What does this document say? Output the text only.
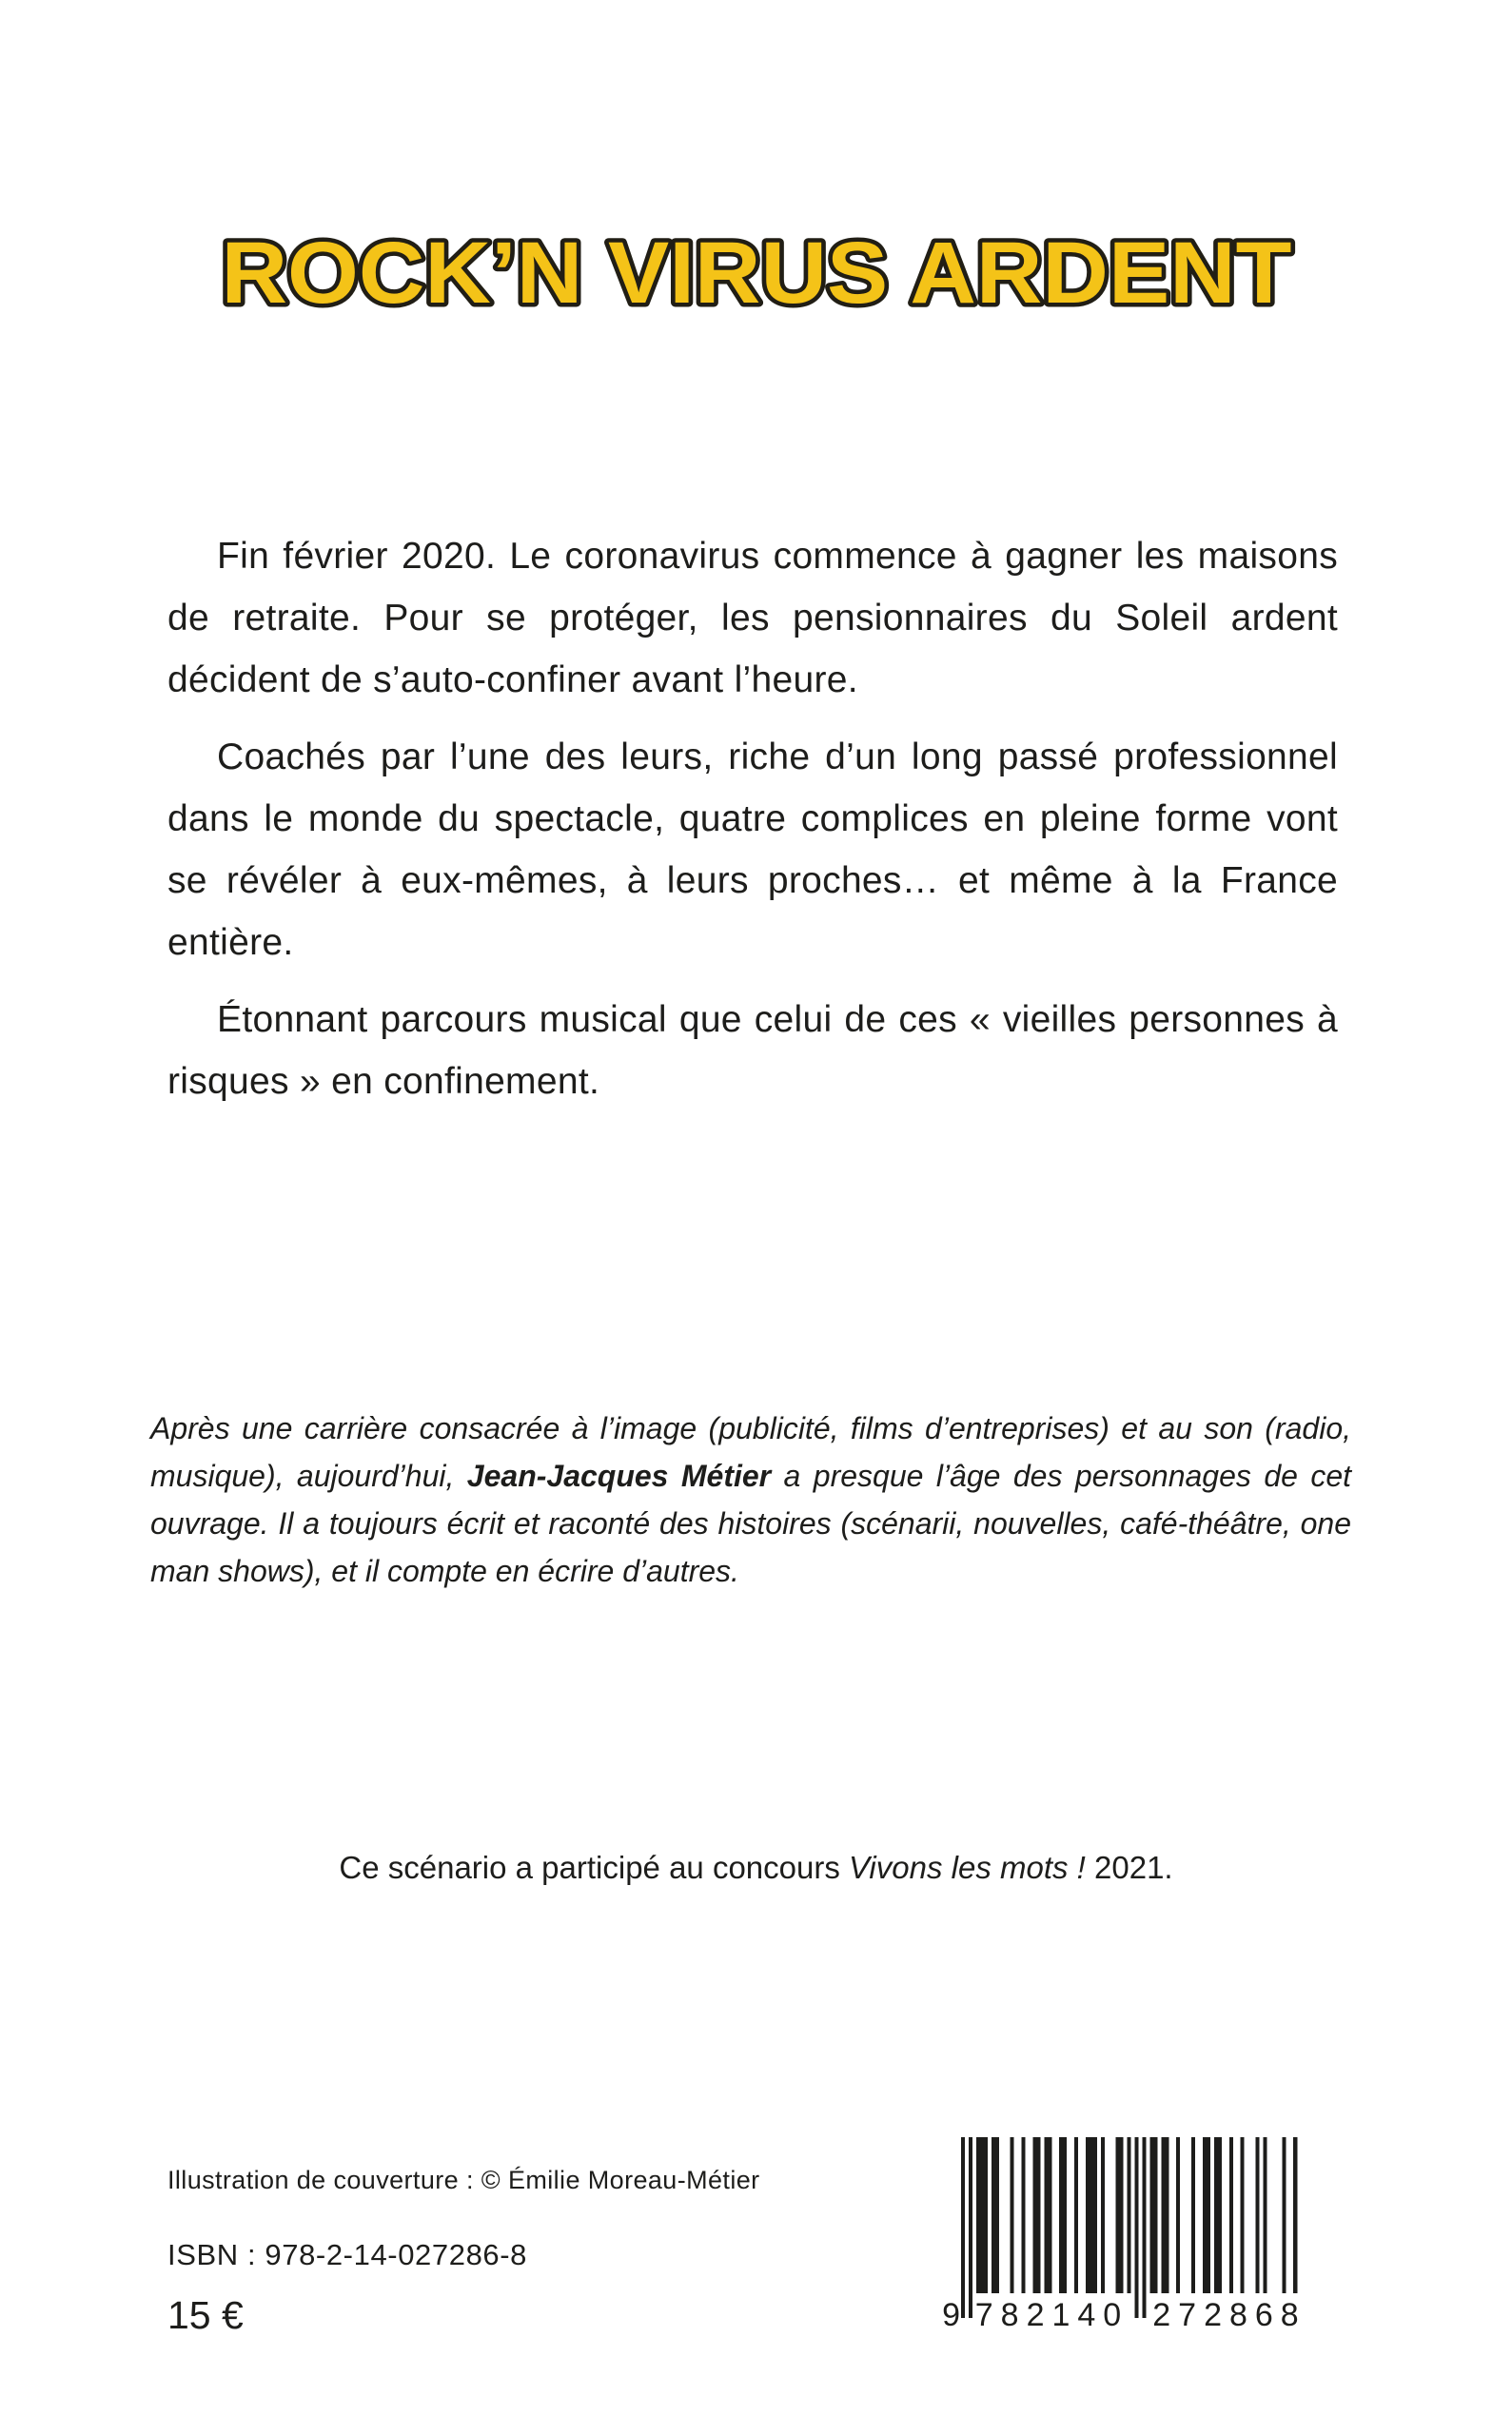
ROCK’N VIRUS ARDENT

Fin février 2020. Le coronavirus commence à gagner les maisons de retraite. Pour se protéger, les pensionnaires du Soleil ardent décident de s’auto-confiner avant l’heure.

Coachés par l’une des leurs, riche d’un long passé professionnel dans le monde du spectacle, quatre complices en pleine forme vont se révéler à eux-mêmes, à leurs proches… et même à la France entière.

Étonnant parcours musical que celui de ces « vieilles personnes à risques » en confinement.

Après une carrière consacrée à l’image (publicité, films d’entreprises) et au son (radio, musique), aujourd’hui, Jean-Jacques Métier a presque l’âge des personnages de cet ouvrage. Il a toujours écrit et raconté des histoires (scénarii, nouvelles, café-théâtre, one man shows), et il compte en écrire d’autres.
Ce scénario a participé au concours Vivons les mots ! 2021.
Illustration de couverture : © Émilie Moreau-Métier
ISBN : 978-2-14-027286-8
15 €	9 782140 272868
